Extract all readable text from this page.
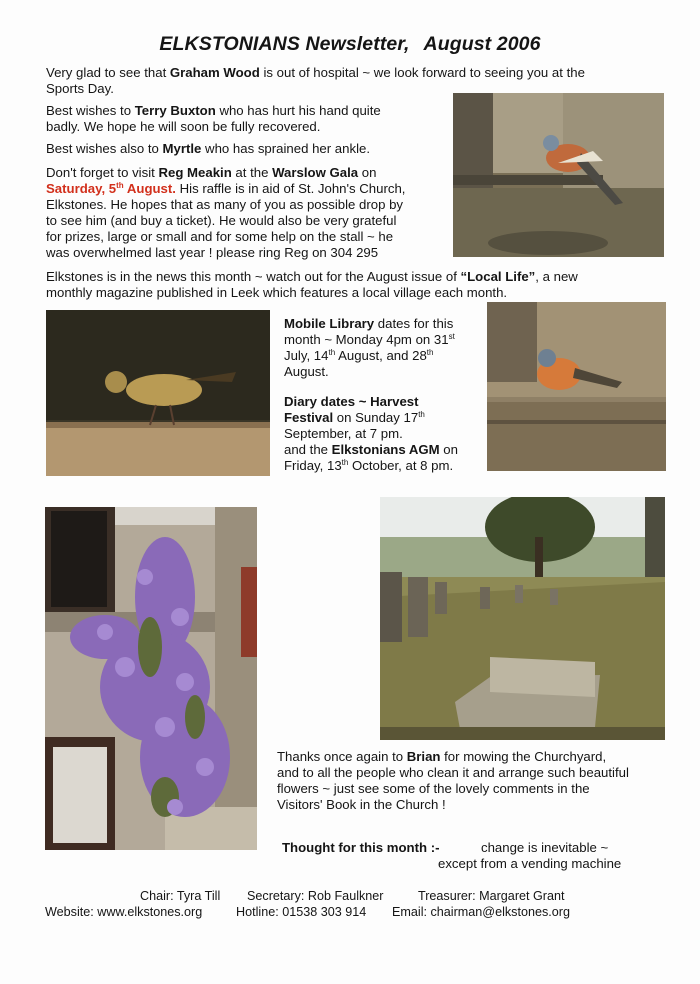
ELKSTONIANS Newsletter, August 2006
Very glad to see that Graham Wood is out of hospital ~ we look forward to seeing you at the
Sports Day.
Best wishes to Terry Buxton who has hurt his hand quite
badly. We hope he will soon be fully recovered.
Best wishes also to Myrtle who has sprained her ankle.
Don't forget to visit Reg Meakin at the Warslow Gala on
Saturday, 5th August. His raffle is in aid of St. John's Church,
Elkstones. He hopes that as many of you as possible drop by
to see him (and buy a ticket). He would also be very grateful
for prizes, large or small and for some help on the stall ~ he
was overwhelmed last year ! please ring Reg on 304 295
Elkstones is in the news this month ~ watch out for the August issue of “Local Life”, a new
monthly magazine published in Leek which features a local village each month.
Mobile Library dates for this
month ~ Monday 4pm on 31st
July, 14th August, and 28th
August.
Diary dates ~ Harvest
Festival on Sunday 17th
September, at 7 pm.
and the Elkstonians AGM on
Friday, 13th October, at 8 pm.
Thanks once again to Brian for mowing the Churchyard,
and to all the people who clean it and arrange such beautiful
flowers ~ just see some of the lovely comments in the
Visitors' Book in the Church !
Thought for this month :-	change is inevitable ~
except from a vending machine
Chair: Tyra Till Secretary: Rob Faulkner	Treasurer: Margaret Grant
Website: www.elkstones.org	Hotline: 01538 303 914 Email: chairman@elkstones.org
